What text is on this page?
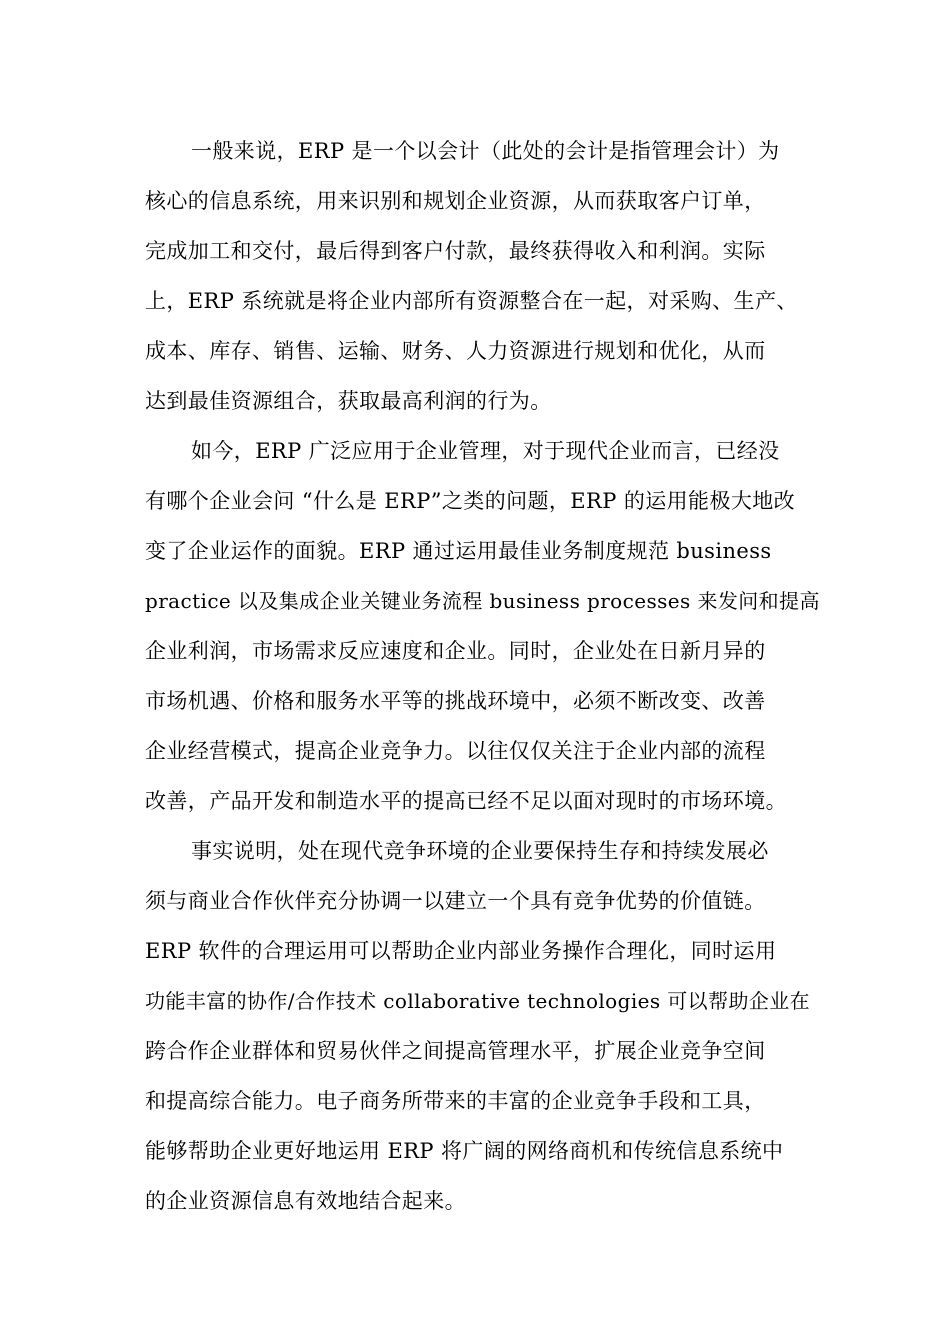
一般来说，ERP 是一个以会计（此处的会计是指管理会计）为
核心的信息系统，用来识别和规划企业资源，从而获取客户订单，
完成加工和交付，最后得到客户付款，最终获得收入和利润。实际
上，ERP 系统就是将企业内部所有资源整合在一起，对采购、生产、
成本、库存、销售、运输、财务、人力资源进行规划和优化，从而
达到最佳资源组合，获取最高利润的行为。
如今，ERP 广泛应用于企业管理，对于现代企业而言，已经没
有哪个企业会问 “什么是 ERP”之类的问题，ERP 的运用能极大地改
变了企业运作的面貌。ERP 通过运用最佳业务制度规范 business
practice 以及集成企业关键业务流程 business processes 来发问和提高
企业利润，市场需求反应速度和企业。同时，企业处在日新月异的
市场机遇、价格和服务水平等的挑战环境中，必须不断改变、改善
企业经营模式，提高企业竞争力。以往仅仅关注于企业内部的流程
改善，产品开发和制造水平的提高已经不足以面对现时的市场环境。
事实说明，处在现代竞争环境的企业要保持生存和持续发展必
须与商业合作伙伴充分协调一以建立一个具有竞争优势的价值链。
ERP 软件的合理运用可以帮助企业内部业务操作合理化，同时运用
功能丰富的协作/合作技术 collaborative technologies 可以帮助企业在
跨合作企业群体和贸易伙伴之间提高管理水平，扩展企业竞争空间
和提高综合能力。电子商务所带来的丰富的企业竞争手段和工具，
能够帮助企业更好地运用 ERP 将广阔的网络商机和传统信息系统中
的企业资源信息有效地结合起来。
